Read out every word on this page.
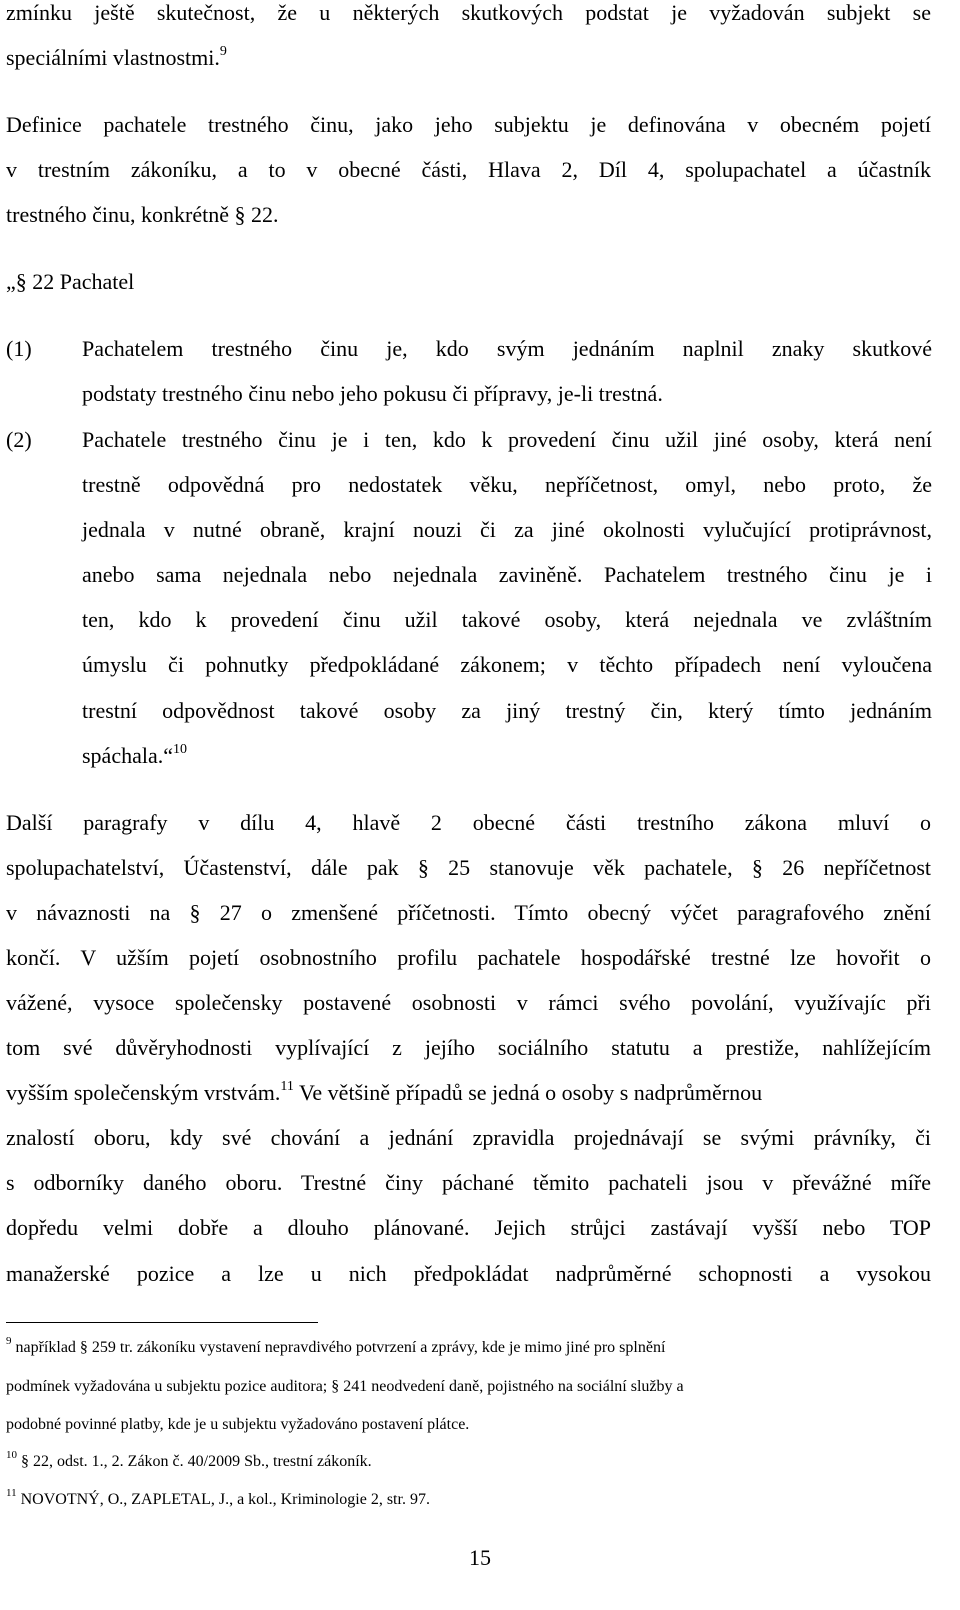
zmínku ještě skutečnost, že u některých skutkových podstat je vyžadován subjekt se
speciálními vlastnostmi.$^9$
Definice pachatele trestného činu, jako jeho subjektu je definována v obecném pojetí
v trestním zákoníku, a to v obecné části, Hlava 2, Díl 4, spolupachatel a účastník
trestného činu, konkrétně § 22.
„§ 22 Pachatel
(1) Pachatelem trestného činu je, kdo svým jednáním naplnil znaky skutkové
podstaty trestného činu nebo jeho pokusu či přípravy, je-li trestná.
(2) Pachatele trestného činu je i ten, kdo k provedení činu užil jiné osoby, která není
trestně odpovědná pro nedostatek věku, nepříčetnost, omyl, nebo proto, že
jednala v nutné obraně, krajní nouzi či za jiné okolnosti vylučující protiprávnost,
anebo sama nejednala nebo nejednala zaviněně. Pachatelem trestného činu je i
ten, kdo k provedení činu užil takové osoby, která nejednala ve zvláštním
úmyslu či pohnutky předpokládané zákonem; v těchto případech není vyloučena
trestní odpovědnost takové osoby za jiný trestný čin, který tímto jednáním
spáchala.“$^{10}$
Další paragrafy v dílu 4, hlavě 2 obecné části trestního zákona mluví o
spolupachatelství, Účastenství, dále pak § 25 stanovuje věk pachatele, § 26 nepříčetnost
v návaznosti na § 27 o zmenšené příčetnosti. Tímto obecný výčet paragrafového znění
končí. V užším pojetí osobnostního profilu pachatele hospodářské trestné lze hovořit o
vážené, vysoce společensky postavené osobnosti v rámci svého povolání, využívajíc při
tom své důvěryhodnosti vyplívající z jejího sociálního statutu a prestiže, nahlížejícím
vyšším společenským vrstvám.$^{11}$ Ve většině případů se jedná o osoby s nadprůměrnou
znalostí oboru, kdy své chování a jednání zpravidla projednávají se svými právníky, či
s odborníky daného oboru. Trestné činy páchané těmito pachateli jsou v převážné míře
dopředu velmi dobře a dlouho plánované. Jejich strůjci zastávají vyšší nebo TOP
manažerské pozice a lze u nich předpokládat nadprůměrné schopnosti a vysokou
$^9$ například § 259 tr. zákoníku vystavení nepravdivého potvrzení a zprávy, kde je mimo jiné pro splnění
podmínek vyžadována u subjektu pozice auditora; § 241 neodvedení daně, pojistného na sociální služby a
podobné povinné platby, kde je u subjektu vyžadováno postavení plátce.
$^{10}$ § 22, odst. 1., 2. Zákon č. 40/2009 Sb., trestní zákoník.
$^{11}$ NOVOTNÝ, O., ZAPLETAL, J., a kol., Kriminologie 2, str. 97.
15
